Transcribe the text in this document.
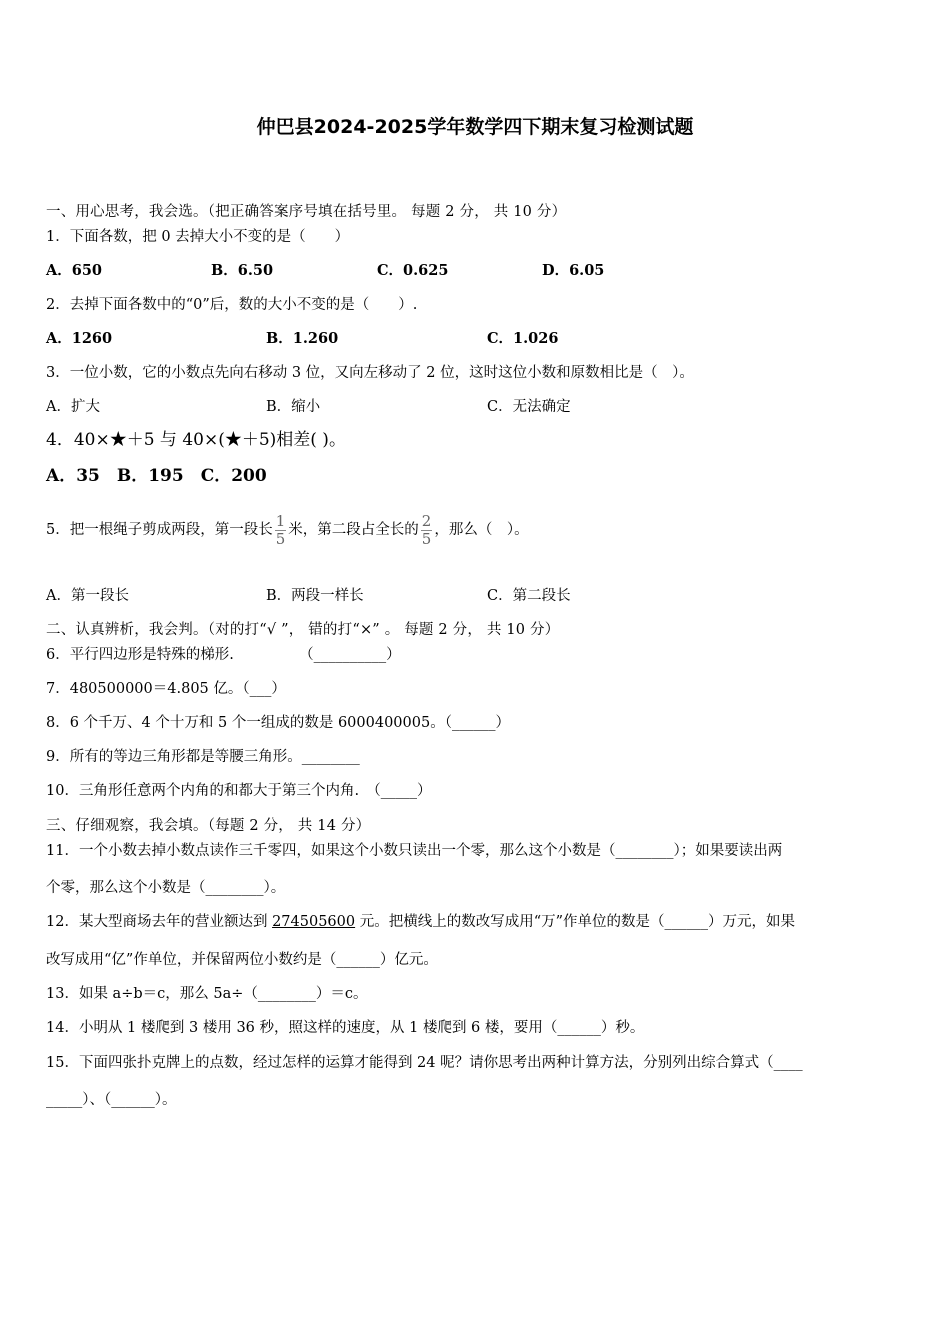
仲巴县2024-2025学年数学四下期末复习检测试题
一、用心思考，我会选。（把正确答案序号填在括号里。 每题 2 分， 共 10 分）
1．下面各数，把 0 去掉大小不变的是（　　）
A．650	B．6.50	C．0.625	D．6.05
2．去掉下面各数中的“0”后，数的大小不变的是（　　）.
A．1260	B．1.260	C．1.026
3．一位小数，它的小数点先向右移动 3 位，又向左移动了 2 位，这时这位小数和原数相比是（　）。
A．扩大	B．缩小	C．无法确定
4．40×★＋5 与 40×(★＋5)相差( )。
A．35　B．195　C．200
5．把一根绳子剪成两段，第一段长 $\frac{1}{5}$ 米，第二段占全长的 $\frac{2}{5}$ ，那么（　）。
A．第一段长	B．两段一样长	C．第二段长
二、认真辨析，我会判。（对的打“√ ”， 错的打“×” 。 每题 2 分， 共 10 分）
6．平行四边形是特殊的梯形.　　　　　（__________）
7．480500000＝4.805 亿。（___）
8．6 个千万、4 个十万和 5 个一组成的数是 6000400005。（______）
9．所有的等边三角形都是等腰三角形。________
10．三角形任意两个内角的和都大于第三个内角.　（_____）
三、仔细观察，我会填。（每题 2 分， 共 14 分）
11．一个小数去掉小数点读作三千零四，如果这个小数只读出一个零，那么这个小数是（________）；如果要读出两
个零，那么这个小数是（________）。
12．某大型商场去年的营业额达到 274505600 元。把横线上的数改写成用“万”作单位的数是（______）万元，如果
改写成用“亿”作单位，并保留两位小数约是（______）亿元。
13．如果 a÷b＝c，那么 5a÷（________）＝c。
14．小明从 1 楼爬到 3 楼用 36 秒，照这样的速度，从 1 楼爬到 6 楼，要用（______）秒。
15．下面四张扑克牌上的点数，经过怎样的运算才能得到 24 呢？请你思考出两种计算方法，分别列出综合算式（____
_____）、（______）。
